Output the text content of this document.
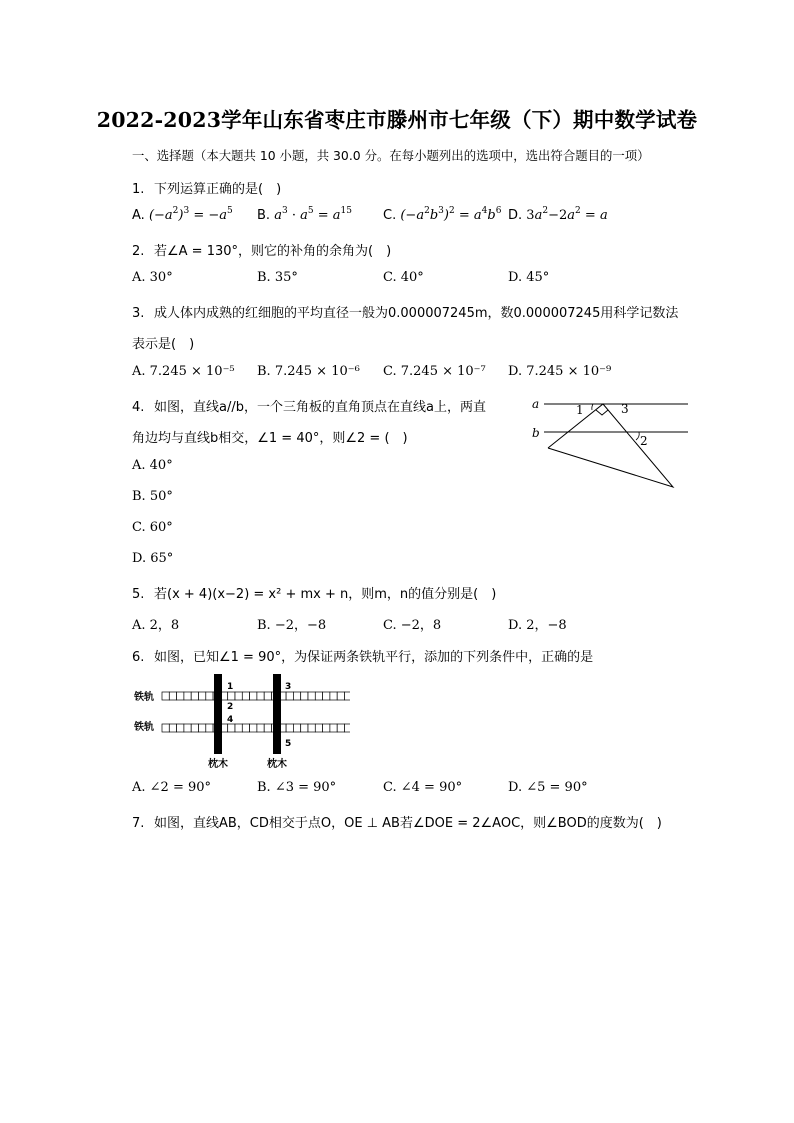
2022-2023学年山东省枣庄市滕州市七年级（下）期中数学试卷
一、选择题（本大题共 10 小题，共 30.0 分。在每小题列出的选项中，选出符合题目的一项）
1. 下列运算正确的是(　)
A. $(-a^2)^3 = -a^5$ B. $a^3 \cdot a^5 = a^{15}$ C. $(-a^2b^3)^2 = a^4b^6$ D. $3a^2-2a^2 = a$
2. 若∠A = 130°，则它的补角的余角为(　)
A. 30°	B. 35°	C. 40°	D. 45°
3. 成人体内成熟的红细胞的平均直径一般为0.000007245m，数0.000007245用科学记数法
表示是(　)
A. 7.245 × 10⁻⁵ B. 7.245 × 10⁻⁶ C. 7.245 × 10⁻⁷ D. 7.245 × 10⁻⁹
4. 如图，直线a//b，一个三角板的直角顶点在直线a上，两直
角边均与直线b相交，∠1 = 40°，则∠2 = (　)
A. 40°
B. 50°
C. 60°
D. 65°
a
b
1	3
2
5. 若(x + 4)(x−2) = x² + mx + n，则m，n的值分别是(　)
A. 2，8	B. −2，−8	C. −2，8	D. 2，−8
6. 如图，已知∠1 = 90°，为保证两条铁轨平行，添加的下列条件中，正确的是
铁轨
铁轨
枕木	枕木
1
2
3
4
5
A. ∠2 = 90°	B. ∠3 = 90°	C. ∠4 = 90°	D. ∠5 = 90°
7. 如图，直线AB，CD相交于点O，OE ⊥ AB若∠DOE = 2∠AOC，则∠BOD的度数为(　)
